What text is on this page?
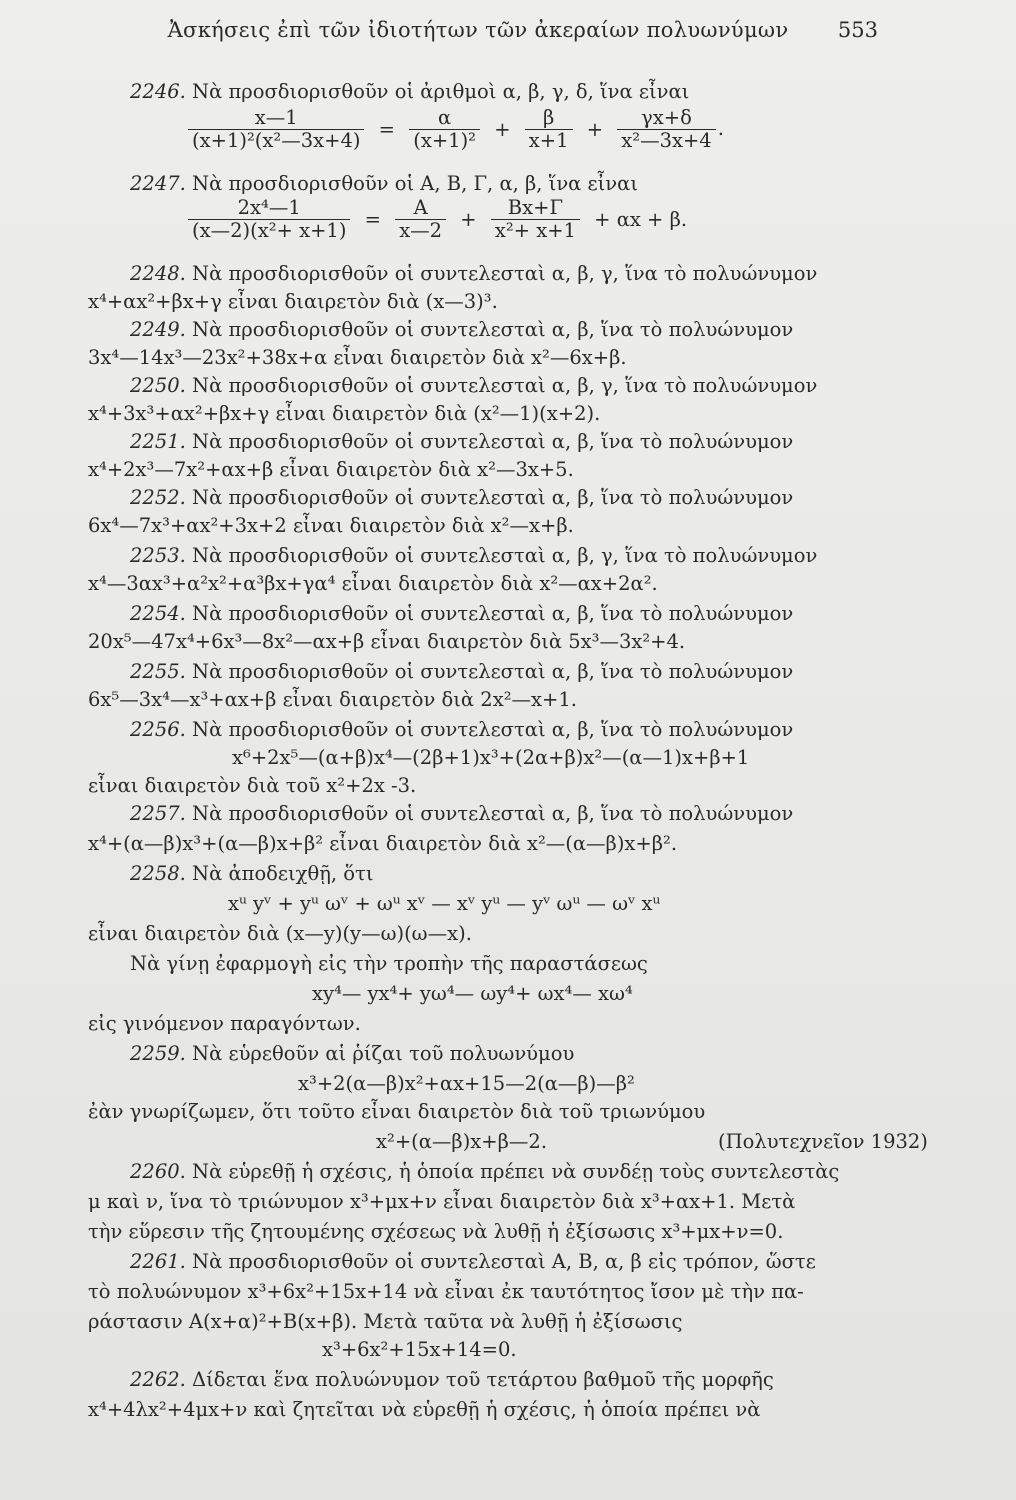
Ἀσκήσεις ἐπὶ τῶν ἰδιοτήτων τῶν ἀκεραίων πολυωνύμων	553
2246. Νὰ προσδιορισθοῦν οἱ ἀριθμοὶ α, β, γ, δ, ἵνα εἶναι
$\frac{x—1}{\text{(x+1)²(x²—3x+4)}} = \frac{\alpha}{\text{(x+1)²}} + \frac{\beta}{x+1} + \frac{\gamma x+\delta}{\text{x²—3x+4}}$ .
2247. Νὰ προσδιορισθοῦν οἱ Α, Β, Γ, α, β, ἵνα εἶναι
$\frac{\text{2x⁴—1}}{\text{(x—2)(x²+ x+1)}} = \frac{A}{x—2} + \frac{Bx+\Gamma}{\text{x²+ x+1}} + \alpha x + \beta$.
2248. Νὰ προσδιορισθοῦν οἱ συντελεσταὶ α, β, γ, ἵνα τὸ πολυώνυμον
x⁴+αx²+βx+γ εἶναι διαιρετὸν διὰ (x—3)³.
2249. Νὰ προσδιορισθοῦν οἱ συντελεσταὶ α, β, ἵνα τὸ πολυώνυμον
3x⁴—14x³—23x²+38x+α εἶναι διαιρετὸν διὰ x²—6x+β.
2250. Νὰ προσδιορισθοῦν οἱ συντελεσταὶ α, β, γ, ἵνα τὸ πολυώνυμον
x⁴+3x³+αx²+βx+γ εἶναι διαιρετὸν διὰ (x²—1)(x+2).
2251. Νὰ προσδιορισθοῦν οἱ συντελεσταὶ α, β, ἵνα τὸ πολυώνυμον
x⁴+2x³—7x²+αx+β εἶναι διαιρετὸν διὰ x²—3x+5.
2252. Νὰ προσδιορισθοῦν οἱ συντελεσταὶ α, β, ἵνα τὸ πολυώνυμον
6x⁴—7x³+αx²+3x+2 εἶναι διαιρετὸν διὰ x²—x+β.
2253. Νὰ προσδιορισθοῦν οἱ συντελεσταὶ α, β, γ, ἵνα τὸ πολυώνυμον
x⁴—3αx³+α²x²+α³βx+γα⁴ εἶναι διαιρετὸν διὰ x²—αx+2α².
2254. Νὰ προσδιορισθοῦν οἱ συντελεσταὶ α, β, ἵνα τὸ πολυώνυμον
20x⁵—47x⁴+6x³—8x²—αx+β εἶναι διαιρετὸν διὰ 5x³—3x²+4.
2255. Νὰ προσδιορισθοῦν οἱ συντελεσταὶ α, β, ἵνα τὸ πολυώνυμον
6x⁵—3x⁴—x³+αx+β εἶναι διαιρετὸν διὰ 2x²—x+1.
2256. Νὰ προσδιορισθοῦν οἱ συντελεσταὶ α, β, ἵνα τὸ πολυώνυμον
x⁶+2x⁵—(α+β)x⁴—(2β+1)x³+(2α+β)x²—(α—1)x+β+1
εἶναι διαιρετὸν διὰ τοῦ x²+2x -3.
2257. Νὰ προσδιορισθοῦν οἱ συντελεσταὶ α, β, ἵνα τὸ πολυώνυμον
x⁴+(α—β)x³+(α—β)x+β² εἶναι διαιρετὸν διὰ x²—(α—β)x+β².
2258. Νὰ ἀποδειχθῇ, ὅτι
xᵘ yᵛ + yᵘ ωᵛ + ωᵘ xᵛ — xᵛ yᵘ — yᵛ ωᵘ — ωᵛ xᵘ
εἶναι διαιρετὸν διὰ (x—y)(y—ω)(ω—x).
Νὰ γίνῃ ἐφαρμογὴ εἰς τὴν τροπὴν τῆς παραστάσεως
xy⁴— yx⁴+ yω⁴— ωy⁴+ ωx⁴— xω⁴
εἰς γινόμενον παραγόντων.
2259. Νὰ εὑρεθοῦν αἱ ῥίζαι τοῦ πολυωνύμου
x³+2(α—β)x²+αx+15—2(α—β)—β²
ἐὰν γνωρίζωμεν, ὅτι τοῦτο εἶναι διαιρετὸν διὰ τοῦ τριωνύμου
x²+(α—β)x+β—2.	(Πολυτεχνεῖον 1932)
2260. Νὰ εὑρεθῇ ἡ σχέσις, ἡ ὁποία πρέπει νὰ συνδέῃ τοὺς συντελεστὰς
μ καὶ ν, ἵνα τὸ τριώνυμον x³+μx+ν εἶναι διαιρετὸν διὰ x³+αx+1. Μετὰ
τὴν εὕρεσιν τῆς ζητουμένης σχέσεως νὰ λυθῇ ἡ ἐξίσωσις x³+μx+ν=0.
2261. Νὰ προσδιορισθοῦν οἱ συντελεσταὶ Α, Β, α, β εἰς τρόπον, ὥστε
τὸ πολυώνυμον x³+6x²+15x+14 νὰ εἶναι ἐκ ταυτότητος ἴσον μὲ τὴν πα-
ράστασιν Α(x+α)²+Β(x+β). Μετὰ ταῦτα νὰ λυθῇ ἡ ἐξίσωσις
x³+6x²+15x+14=0.
2262. Δίδεται ἕνα πολυώνυμον τοῦ τετάρτου βαθμοῦ τῆς μορφῆς
x⁴+4λx²+4μx+ν καὶ ζητεῖται νὰ εὑρεθῇ ἡ σχέσις, ἡ ὁποία πρέπει νὰ
